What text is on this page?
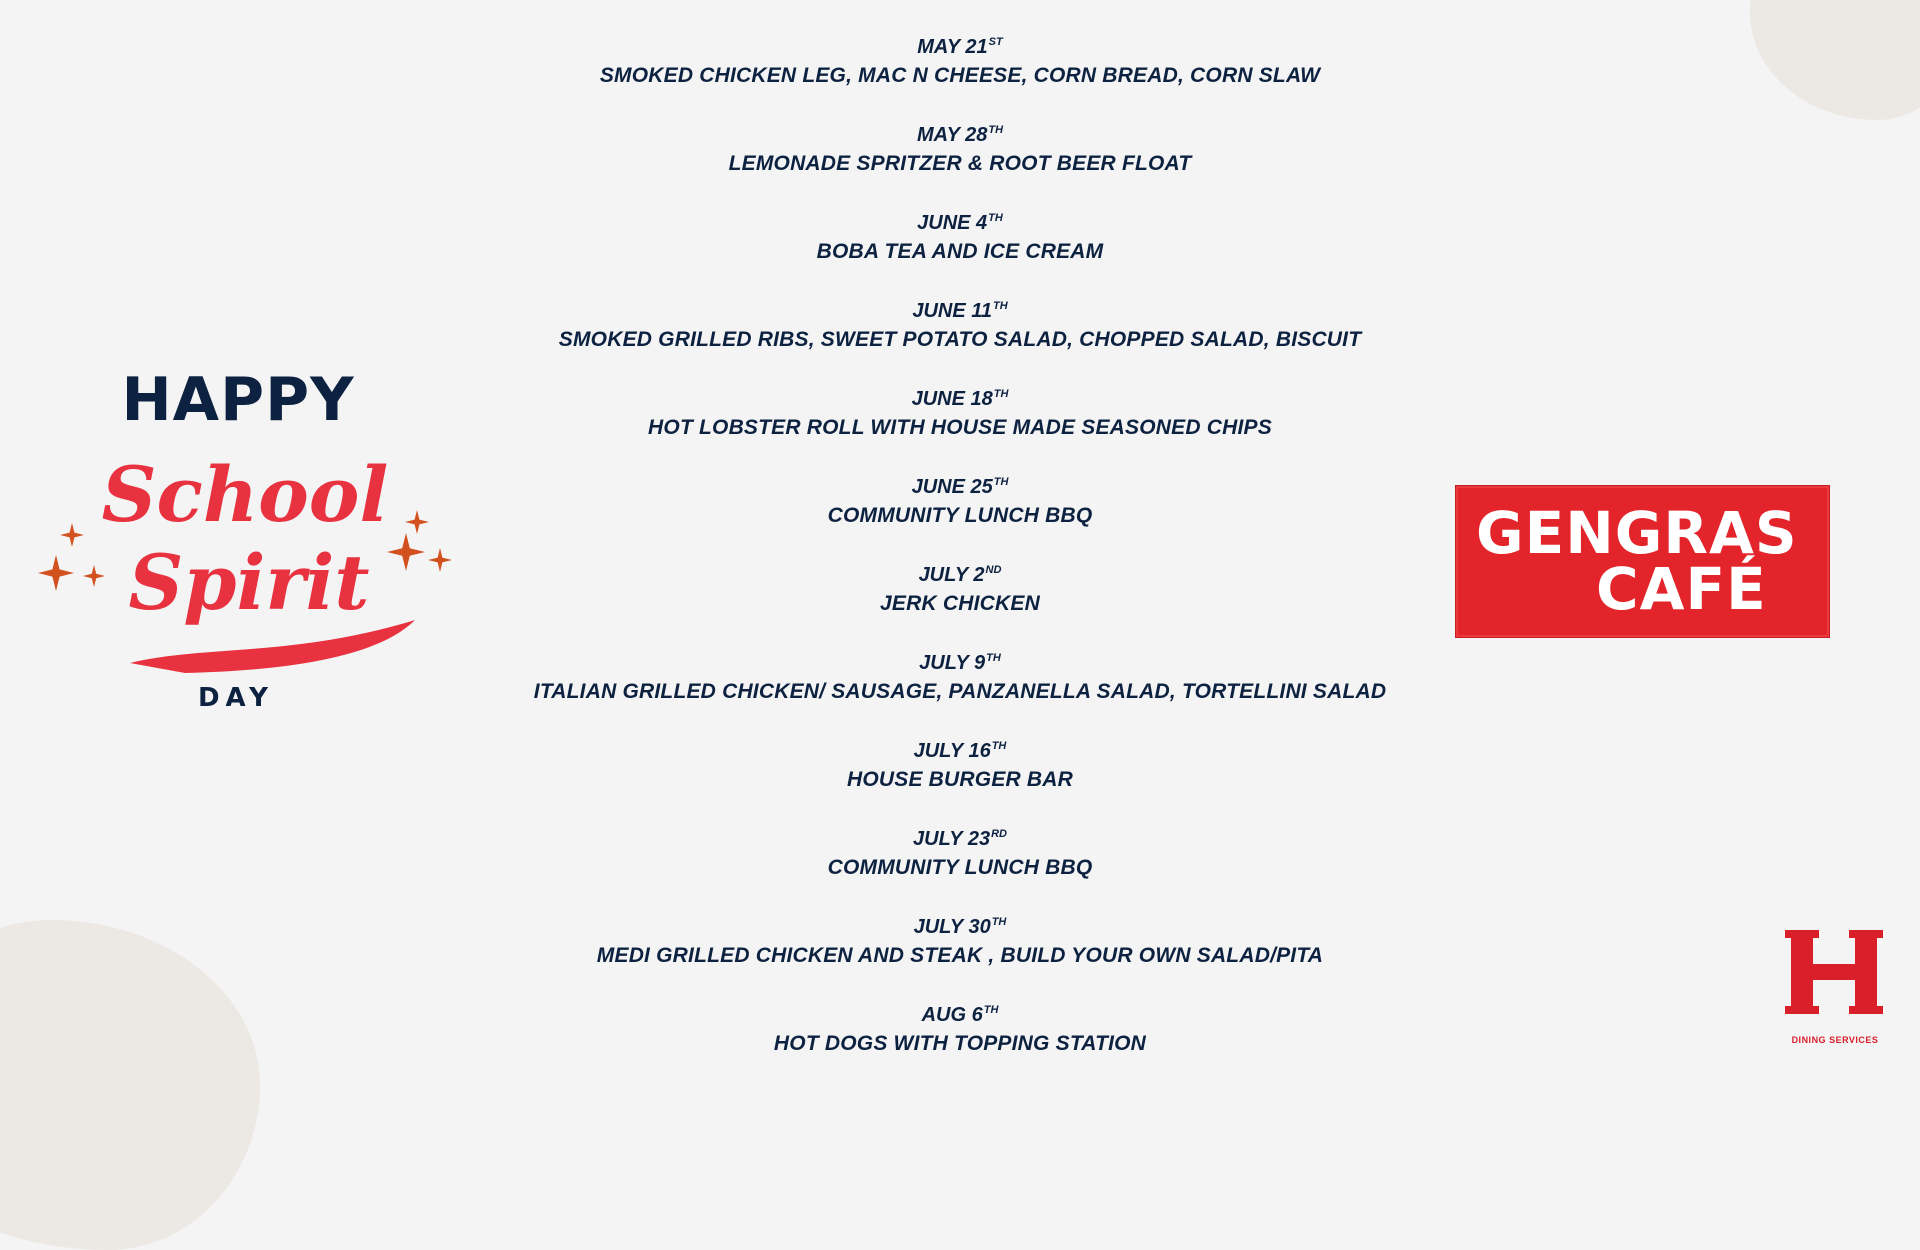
HAPPY
School
Spirit
DAY
MAY 21ST
SMOKED CHICKEN LEG, MAC N CHEESE, CORN BREAD, CORN SLAW
MAY 28TH
LEMONADE SPRITZER & ROOT BEER FLOAT
JUNE 4TH
BOBA TEA AND ICE CREAM
JUNE 11TH
SMOKED GRILLED RIBS, SWEET POTATO SALAD, CHOPPED SALAD, BISCUIT
JUNE 18TH
HOT LOBSTER ROLL WITH HOUSE MADE SEASONED CHIPS
JUNE 25TH
COMMUNITY LUNCH BBQ
JULY 2ND
JERK CHICKEN
JULY 9TH
ITALIAN GRILLED CHICKEN/ SAUSAGE, PANZANELLA SALAD, TORTELLINI SALAD
JULY 16TH
HOUSE BURGER BAR
JULY 23RD
COMMUNITY LUNCH BBQ
JULY 30TH
MEDI GRILLED CHICKEN AND STEAK , BUILD YOUR OWN SALAD/PITA
AUG 6TH
HOT DOGS WITH TOPPING STATION
GENGRAS
CAFÉ
DINING SERVICES
